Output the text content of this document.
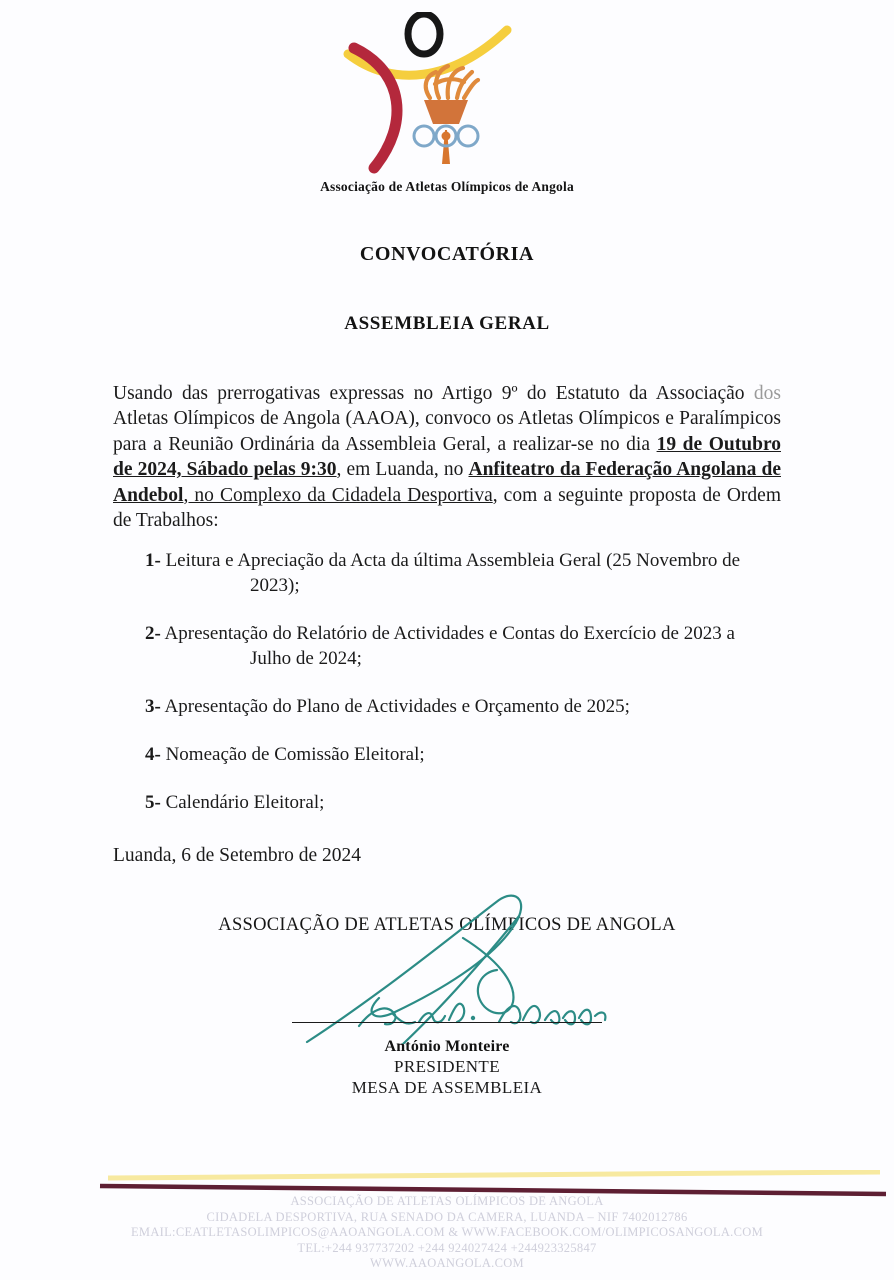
Associação de Atletas Olímpicos de Angola
CONVOCATÓRIA
ASSEMBLEIA GERAL
Usando das prerrogativas expressas no Artigo 9º do Estatuto da Associação dos Atletas Olímpicos de Angola (AAOA), convoco os Atletas Olímpicos e Paralímpicos para a Reunião Ordinária da Assembleia Geral, a realizar-se no dia 19 de Outubro de 2024, Sábado pelas 9:30, em Luanda, no Anfiteatro da Federação Angolana de Andebol, no Complexo da Cidadela Desportiva, com a seguinte proposta de Ordem de Trabalhos:
1- Leitura e Apreciação da Acta da última Assembleia Geral (25 Novembro de
2023);
2- Apresentação do Relatório de Actividades e Contas do Exercício de 2023 a
Julho de 2024;
3- Apresentação do Plano de Actividades e Orçamento de 2025;
4- Nomeação de Comissão Eleitoral;
5- Calendário Eleitoral;
Luanda, 6 de Setembro de 2024
ASSOCIAÇÃO DE ATLETAS OLÍMPICOS DE ANGOLA
António Monteire
PRESIDENTE
MESA DE ASSEMBLEIA
ASSOCIAÇÃO DE ATLETAS OLÍMPICOS DE ANGOLA
CIDADELA DESPORTIVA, RUA SENADO DA CAMERA, LUANDA – NIF 7402012786
EMAIL:CEATLETASOLIMPICOS@AAOANGOLA.COM & WWW.FACEBOOK.COM/OLIMPICOSANGOLA.COM
TEL:+244 937737202 +244 924027424 +244923325847
WWW.AAOANGOLA.COM
